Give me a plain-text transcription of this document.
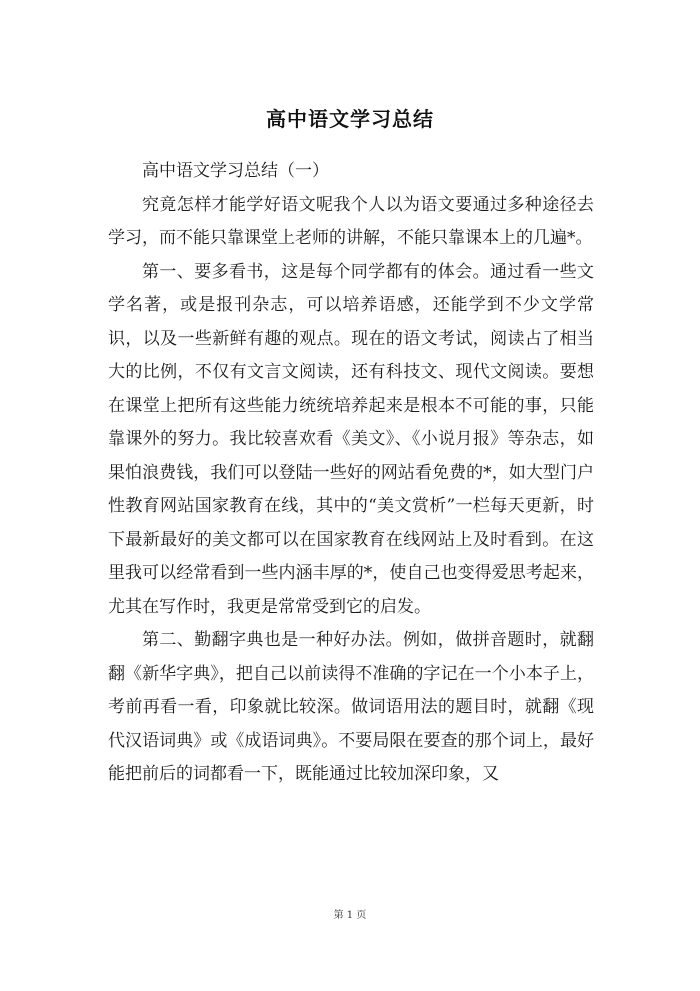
高中语文学习总结

高中语文学习总结（一）

究竟怎样才能学好语文呢我个人以为语文要通过多种途径去学习，而不能只靠课堂上老师的讲解，不能只靠课本上的几遍*。

第一、要多看书，这是每个同学都有的体会。通过看一些文学名著，或是报刊杂志，可以培养语感，还能学到不少文学常识，以及一些新鲜有趣的观点。现在的语文考试，阅读占了相当大的比例，不仅有文言文阅读，还有科技文、现代文阅读。要想在课堂上把所有这些能力统统培养起来是根本不可能的事，只能靠课外的努力。我比较喜欢看《美文》、《小说月报》等杂志，如果怕浪费钱，我们可以登陆一些好的网站看免费的*，如大型门户性教育网站国家教育在线，其中的“美文赏析”一栏每天更新，时下最新最好的美文都可以在国家教育在线网站上及时看到。在这里我可以经常看到一些内涵丰厚的*，使自己也变得爱思考起来，尤其在写作时，我更是常常受到它的启发。

第二、勤翻字典也是一种好办法。例如，做拼音题时，就翻翻《新华字典》，把自己以前读得不准确的字记在一个小本子上，考前再看一看，印象就比较深。做词语用法的题目时，就翻《现代汉语词典》或《成语词典》。不要局限在要查的那个词上，最好能把前后的词都看一下，既能通过比较加深印象，又

第 1 页
